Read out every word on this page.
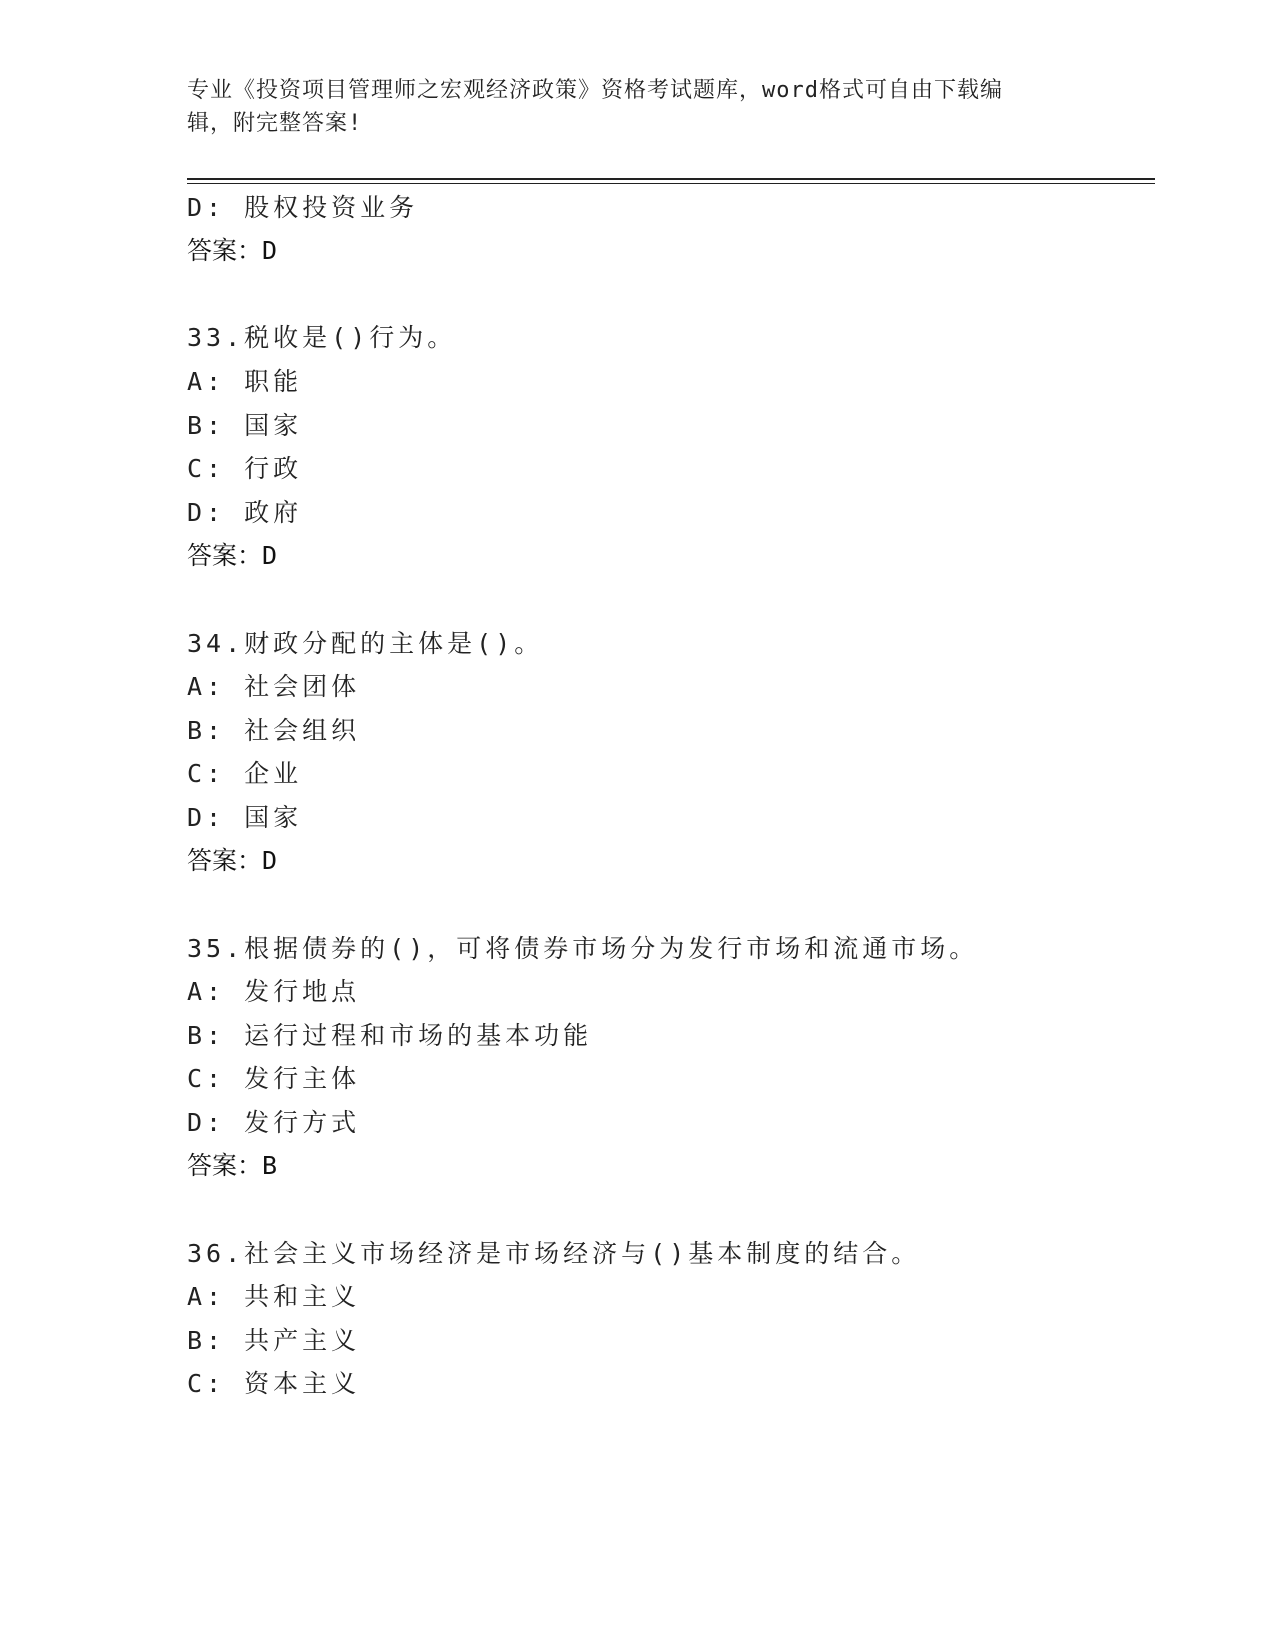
专业《投资项目管理师之宏观经济政策》资格考试题库，word格式可自由下载编
辑，附完整答案!
D: 股权投资业务
答案：D
33.税收是()行为。
A: 职能
B: 国家
C: 行政
D: 政府
答案：D
34.财政分配的主体是()。
A: 社会团体
B: 社会组织
C: 企业
D: 国家
答案：D
35.根据债券的()，可将债券市场分为发行市场和流通市场。
A: 发行地点
B: 运行过程和市场的基本功能
C: 发行主体
D: 发行方式
答案：B
36.社会主义市场经济是市场经济与()基本制度的结合。
A: 共和主义
B: 共产主义
C: 资本主义
